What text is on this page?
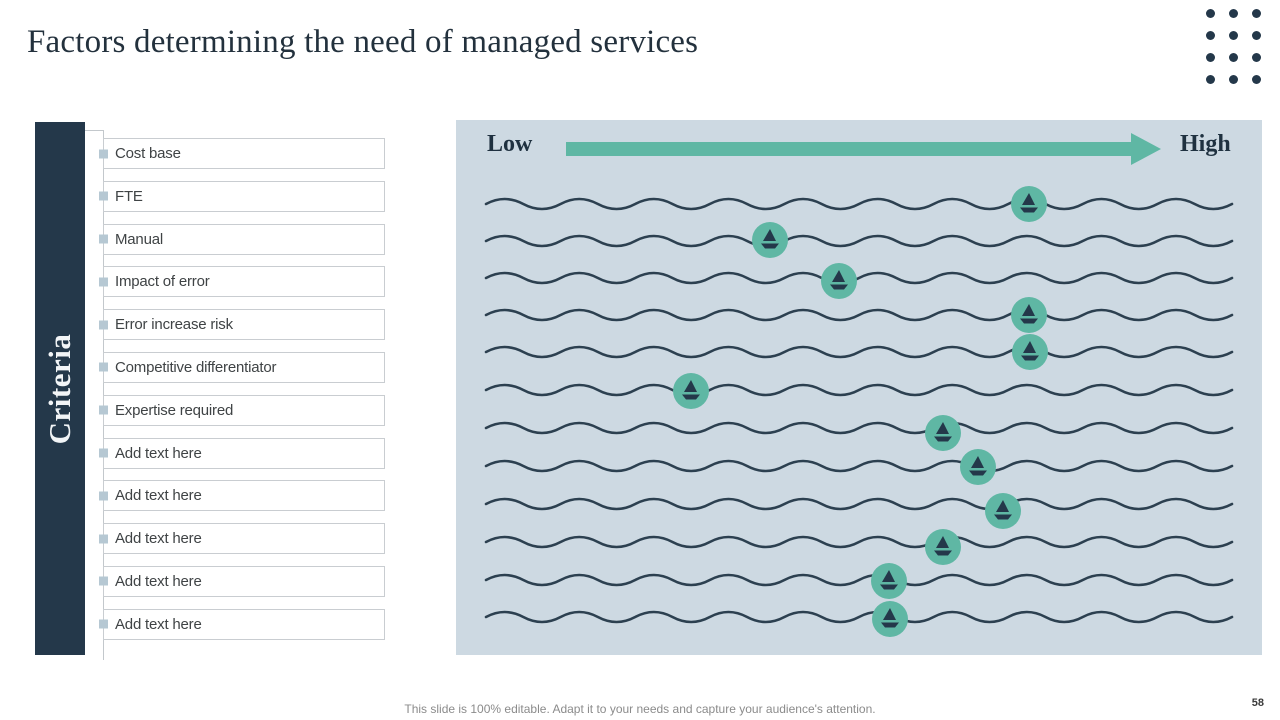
Factors determining the need of managed services
Criteria
Cost base
FTE
Manual
Impact of error
Error increase risk
Competitive differentiator
Expertise required
Add text here
Add text here
Add text here
Add text here
Add text here
Low	High
This slide is 100% editable. Adapt it to your needs and capture your audience's attention.	58
